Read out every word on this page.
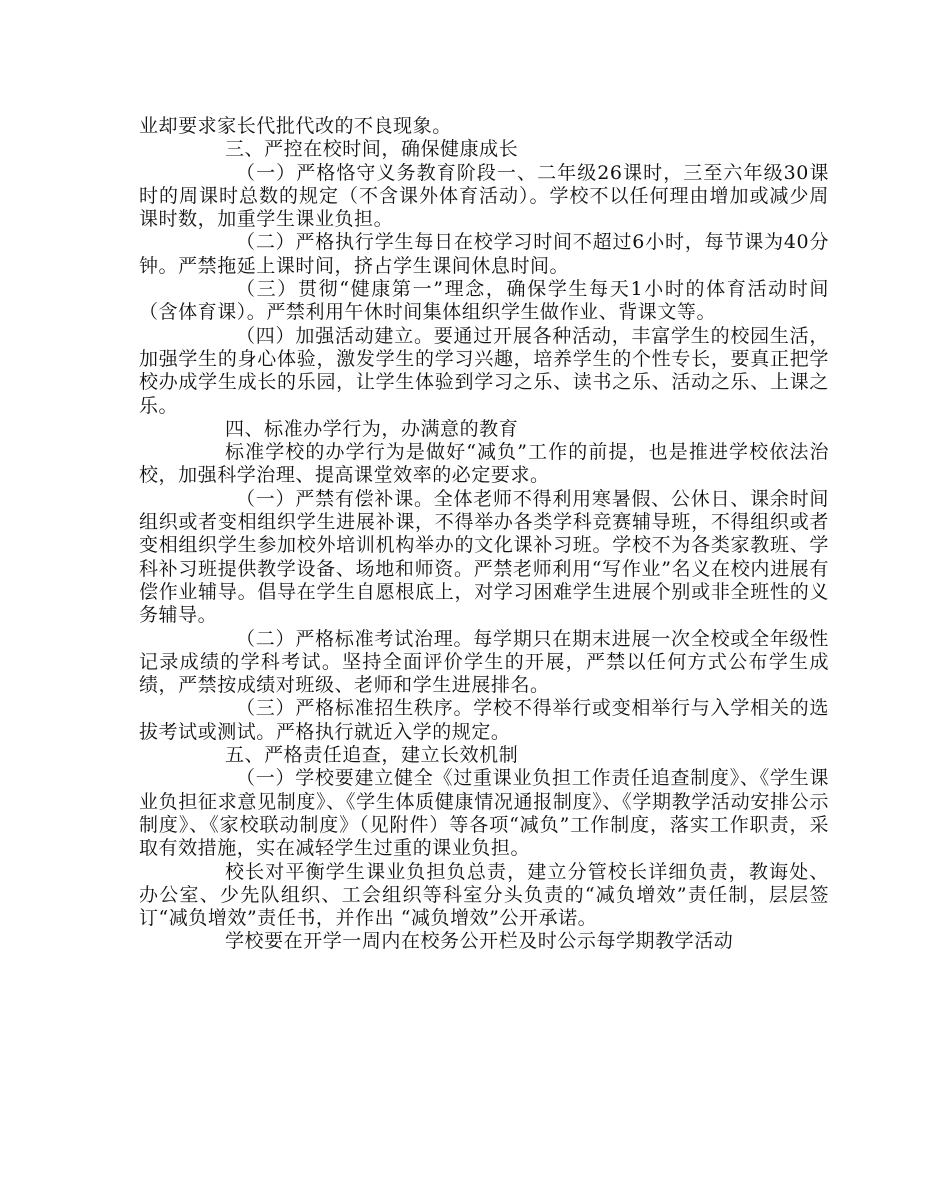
业却要求家长代批代改的不良现象。

三、严控在校时间，确保健康成长

（一）严格恪守义务教育阶段一、二年级26课时，三至六年级30课时的周课时总数的规定（不含课外体育活动）。学校不以任何理由增加或减少周课时数，加重学生课业负担。

（二）严格执行学生每日在校学习时间不超过6小时，每节课为40分钟。严禁拖延上课时间，挤占学生课间休息时间。

（三）贯彻“健康第一”理念，确保学生每天1小时的体育活动时间（含体育课）。严禁利用午休时间集体组织学生做作业、背课文等。

（四）加强活动建立。要通过开展各种活动，丰富学生的校园生活，加强学生的身心体验，激发学生的学习兴趣，培养学生的个性专长，要真正把学校办成学生成长的乐园，让学生体验到学习之乐、读书之乐、活动之乐、上课之乐。

四、标准办学行为，办满意的教育

标准学校的办学行为是做好“减负”工作的前提，也是推进学校依法治校，加强科学治理、提高课堂效率的必定要求。

（一）严禁有偿补课。全体老师不得利用寒暑假、公休日、课余时间组织或者变相组织学生进展补课，不得举办各类学科竞赛辅导班，不得组织或者变相组织学生参加校外培训机构举办的文化课补习班。学校不为各类家教班、学科补习班提供教学设备、场地和师资。严禁老师利用“写作业”名义在校内进展有偿作业辅导。倡导在学生自愿根底上，对学习困难学生进展个别或非全班性的义务辅导。

（二）严格标准考试治理。每学期只在期末进展一次全校或全年级性记录成绩的学科考试。坚持全面评价学生的开展，严禁以任何方式公布学生成绩，严禁按成绩对班级、老师和学生进展排名。

（三）严格标准招生秩序。学校不得举行或变相举行与入学相关的选拔考试或测试。严格执行就近入学的规定。

五、严格责任追查，建立长效机制

（一）学校要建立健全《过重课业负担工作责任追查制度》、《学生课业负担征求意见制度》、《学生体质健康情况通报制度》、《学期教学活动安排公示制度》、《家校联动制度》（见附件）等各项“减负”工作制度，落实工作职责，采取有效措施，实在减轻学生过重的课业负担。

校长对平衡学生课业负担负总责，建立分管校长详细负责，教诲处、办公室、少先队组织、工会组织等科室分头负责的“减负增效”责任制，层层签订“减负增效”责任书，并作出 “减负增效”公开承诺。

学校要在开学一周内在校务公开栏及时公示每学期教学活动
